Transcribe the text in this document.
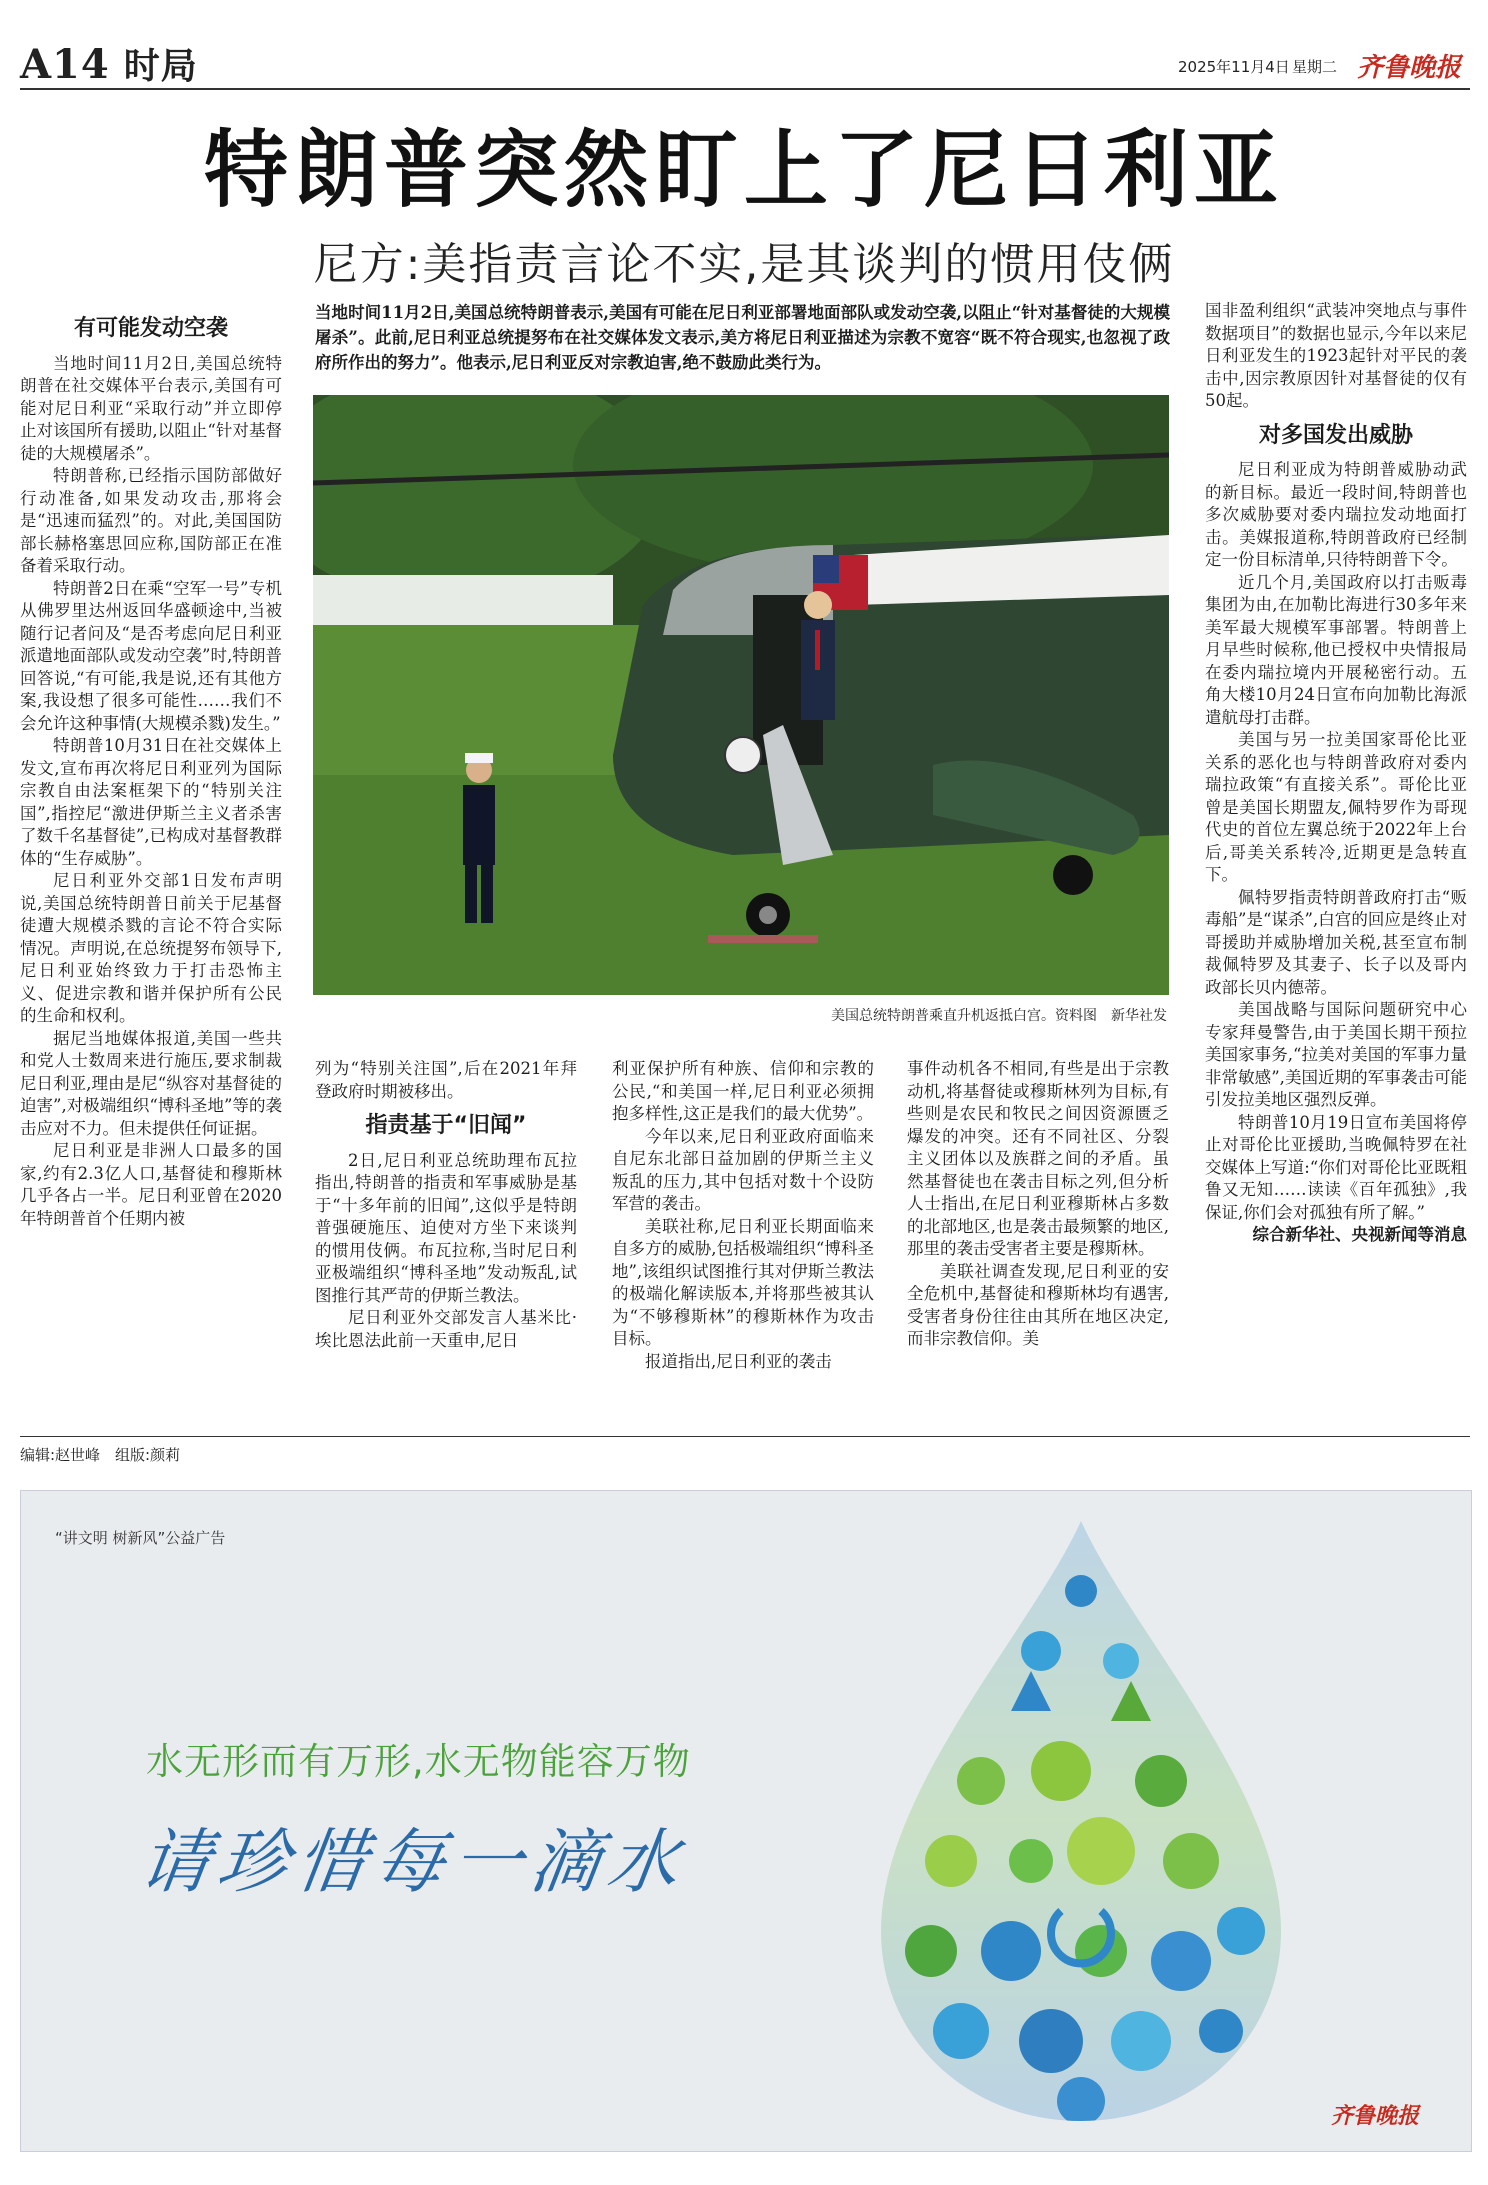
A14 时局	2025年11月4日 星期二 齐鲁晚报
特朗普突然盯上了尼日利亚
尼方:美指责言论不实,是其谈判的惯用伎俩
当地时间11月2日,美国总统特朗普表示,美国有可能在尼日利亚部署地面部队或发动空袭,以阻止“针对基督徒的大规模屠杀”。此前,尼日利亚总统提努布在社交媒体发文表示,美方将尼日利亚描述为宗教不宽容“既不符合现实,也忽视了政府所作出的努力”。他表示,尼日利亚反对宗教迫害,绝不鼓励此类行为。
美国总统特朗普乘直升机返抵白宫。资料图　新华社发
有可能发动空袭

当地时间11月2日,美国总统特朗普在社交媒体平台表示,美国有可能对尼日利亚“采取行动”并立即停止对该国所有援助,以阻止“针对基督徒的大规模屠杀”。

特朗普称,已经指示国防部做好行动准备,如果发动攻击,那将会是“迅速而猛烈”的。对此,美国国防部长赫格塞思回应称,国防部正在准备着采取行动。

特朗普2日在乘“空军一号”专机从佛罗里达州返回华盛顿途中,当被随行记者问及“是否考虑向尼日利亚派遣地面部队或发动空袭”时,特朗普回答说,“有可能,我是说,还有其他方案,我设想了很多可能性……我们不会允许这种事情(大规模杀戮)发生。”

特朗普10月31日在社交媒体上发文,宣布再次将尼日利亚列为国际宗教自由法案框架下的“特别关注国”,指控尼“激进伊斯兰主义者杀害了数千名基督徒”,已构成对基督教群体的“生存威胁”。

尼日利亚外交部1日发布声明说,美国总统特朗普日前关于尼基督徒遭大规模杀戮的言论不符合实际情况。声明说,在总统提努布领导下,尼日利亚始终致力于打击恐怖主义、促进宗教和谐并保护所有公民的生命和权利。

据尼当地媒体报道,美国一些共和党人士数周来进行施压,要求制裁尼日利亚,理由是尼“纵容对基督徒的迫害”,对极端组织“博科圣地”等的袭击应对不力。但未提供任何证据。

尼日利亚是非洲人口最多的国家,约有2.3亿人口,基督徒和穆斯林几乎各占一半。尼日利亚曾在2020年特朗普首个任期内被

列为“特别关注国”,后在2021年拜登政府时期被移出。

指责基于“旧闻”

2日,尼日利亚总统助理布瓦拉指出,特朗普的指责和军事威胁是基于“十多年前的旧闻”,这似乎是特朗普强硬施压、迫使对方坐下来谈判的惯用伎俩。布瓦拉称,当时尼日利亚极端组织“博科圣地”发动叛乱,试图推行其严苛的伊斯兰教法。

尼日利亚外交部发言人基米比·埃比恩法此前一天重申,尼日

利亚保护所有种族、信仰和宗教的公民,“和美国一样,尼日利亚必须拥抱多样性,这正是我们的最大优势”。

今年以来,尼日利亚政府面临来自尼东北部日益加剧的伊斯兰主义叛乱的压力,其中包括对数十个设防军营的袭击。

美联社称,尼日利亚长期面临来自多方的威胁,包括极端组织“博科圣地”,该组织试图推行其对伊斯兰教法的极端化解读版本,并将那些被其认为“不够穆斯林”的穆斯林作为攻击目标。

报道指出,尼日利亚的袭击

事件动机各不相同,有些是出于宗教动机,将基督徒或穆斯林列为目标,有些则是农民和牧民之间因资源匮乏爆发的冲突。还有不同社区、分裂主义团体以及族群之间的矛盾。虽然基督徒也在袭击目标之列,但分析人士指出,在尼日利亚穆斯林占多数的北部地区,也是袭击最频繁的地区,那里的袭击受害者主要是穆斯林。

美联社调查发现,尼日利亚的安全危机中,基督徒和穆斯林均有遇害,受害者身份往往由其所在地区决定,而非宗教信仰。美

国非盈利组织“武装冲突地点与事件数据项目”的数据也显示,今年以来尼日利亚发生的1923起针对平民的袭击中,因宗教原因针对基督徒的仅有50起。

对多国发出威胁

尼日利亚成为特朗普威胁动武的新目标。最近一段时间,特朗普也多次威胁要对委内瑞拉发动地面打击。美媒报道称,特朗普政府已经制定一份目标清单,只待特朗普下令。

近几个月,美国政府以打击贩毒集团为由,在加勒比海进行30多年来美军最大规模军事部署。特朗普上月早些时候称,他已授权中央情报局在委内瑞拉境内开展秘密行动。五角大楼10月24日宣布向加勒比海派遣航母打击群。

美国与另一拉美国家哥伦比亚关系的恶化也与特朗普政府对委内瑞拉政策“有直接关系”。哥伦比亚曾是美国长期盟友,佩特罗作为哥现代史的首位左翼总统于2022年上台后,哥美关系转冷,近期更是急转直下。

佩特罗指责特朗普政府打击“贩毒船”是“谋杀”,白宫的回应是终止对哥援助并威胁增加关税,甚至宣布制裁佩特罗及其妻子、长子以及哥内政部长贝内德蒂。

美国战略与国际问题研究中心专家拜曼警告,由于美国长期干预拉美国家事务,“拉美对美国的军事力量非常敏感”,美国近期的军事袭击可能引发拉美地区强烈反弹。

特朗普10月19日宣布美国将停止对哥伦比亚援助,当晚佩特罗在社交媒体上写道:“你们对哥伦比亚既粗鲁又无知……读读《百年孤独》,我保证,你们会对孤独有所了解。”

综合新华社、央视新闻等消息

编辑:赵世峰　组版:颜莉
“讲文明 树新风”公益广告
水无形而有万形,水无物能容万物
请珍惜每一滴水
齐鲁晚报
